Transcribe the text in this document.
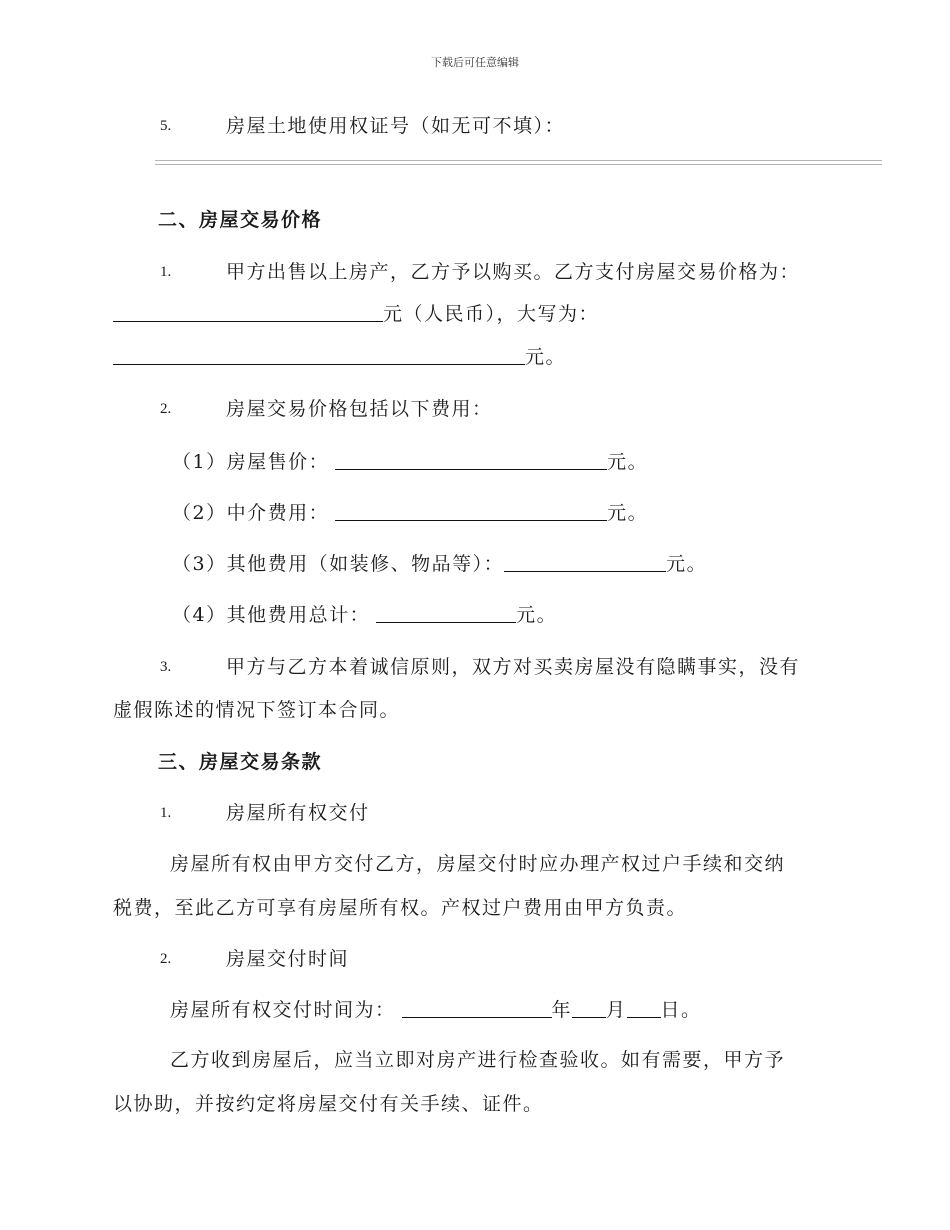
下载后可任意编辑
5.	房屋土地使用权证号（如无可不填）：
二、房屋交易价格
1.	甲方出售以上房产，乙方予以购买。乙方支付房屋交易价格为：
元（人民币），大写为：
元。
2.	房屋交易价格包括以下费用：
（1）房屋售价：	元。
（2）中介费用：	元。
（3）其他费用（如装修、物品等）：	元。
（4）其他费用总计：	元。
3.	甲方与乙方本着诚信原则，双方对买卖房屋没有隐瞒事实，没有
虚假陈述的情况下签订本合同。
三、房屋交易条款
1.	房屋所有权交付
房屋所有权由甲方交付乙方，房屋交付时应办理产权过户手续和交纳
税费，至此乙方可享有房屋所有权。产权过户费用由甲方负责。
2.	房屋交付时间
房屋所有权交付时间为：	年 月 日。
乙方收到房屋后，应当立即对房产进行检查验收。如有需要，甲方予
以协助，并按约定将房屋交付有关手续、证件。
